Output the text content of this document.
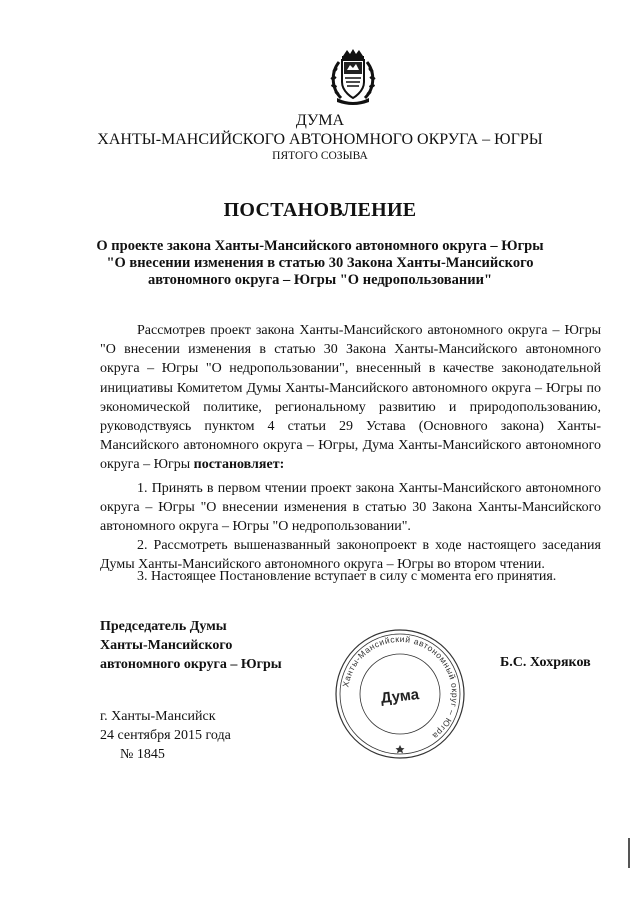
ДУМА
ХАНТЫ-МАНСИЙСКОГО АВТОНОМНОГО ОКРУГА – ЮГРЫ
ПЯТОГО СОЗЫВА
ПОСТАНОВЛЕНИЕ
О проекте закона Ханты-Мансийского автономного округа – Югры
"О внесении изменения в статью 30 Закона Ханты-Мансийского
автономного округа – Югры "О недропользовании"
Рассмотрев проект закона Ханты-Мансийского автономного округа – Югры "О внесении изменения в статью 30 Закона Ханты-Мансийского автономного округа – Югры "О недропользовании", внесенный в качестве законодательной инициативы Комитетом Думы Ханты-Мансийского автономного округа – Югры по экономической политике, региональному развитию и природопользованию, руководствуясь пунктом 4 статьи 29 Устава (Основного закона) Ханты-Мансийского автономного округа – Югры, Дума Ханты-Мансийского автономного округа – Югры постановляет:
1. Принять в первом чтении проект закона Ханты-Мансийского автономного округа – Югры "О внесении изменения в статью 30 Закона Ханты-Мансийского автономного округа – Югры "О недропользовании".
2. Рассмотреть вышеназванный законопроект в ходе настоящего заседания Думы Ханты-Мансийского автономного округа – Югры во втором чтении.
3. Настоящее Постановление вступает в силу с момента его принятия.
Председатель Думы
Ханты-Мансийского
автономного округа – Югры	Б.С. Хохряков
Ханты-Мансийский автономный округ – Югра
Дума
г. Ханты-Мансийск
24 сентября 2015 года
№ 1845
